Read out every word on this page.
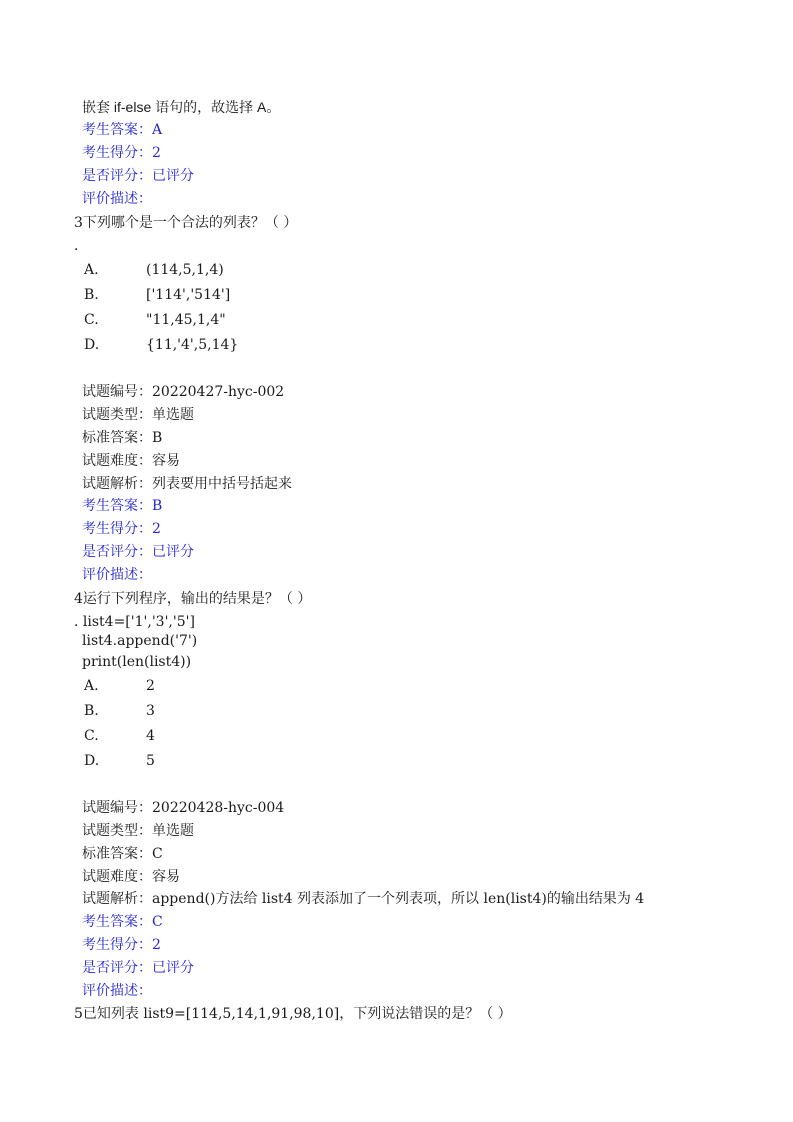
嵌套 if-else 语句的，故选择 A。
考生答案：A
考生得分：2
是否评分：已评分
评价描述：
3下列哪个是一个合法的列表？（ ）
.
A.	(114,5,1,4)
B.	['114','514']
C.	"11,45,1,4"
D.	{11,'4',5,14}
试题编号：20220427-hyc-002
试题类型：单选题
标准答案：B
试题难度：容易
试题解析：列表要用中括号括起来
考生答案：B
考生得分：2
是否评分：已评分
评价描述：
4运行下列程序，输出的结果是？（ ）
. list4=['1','3','5']
list4.append('7')
print(len(list4))
A.	2
B.	3
C.	4
D.	5
试题编号：20220428-hyc-004
试题类型：单选题
标准答案：C
试题难度：容易
试题解析：append()方法给 list4 列表添加了一个列表项，所以 len(list4)的输出结果为 4
考生答案：C
考生得分：2
是否评分：已评分
评价描述：
5已知列表 list9=[114,5,14,1,91,98,10]，下列说法错误的是？（ ）
